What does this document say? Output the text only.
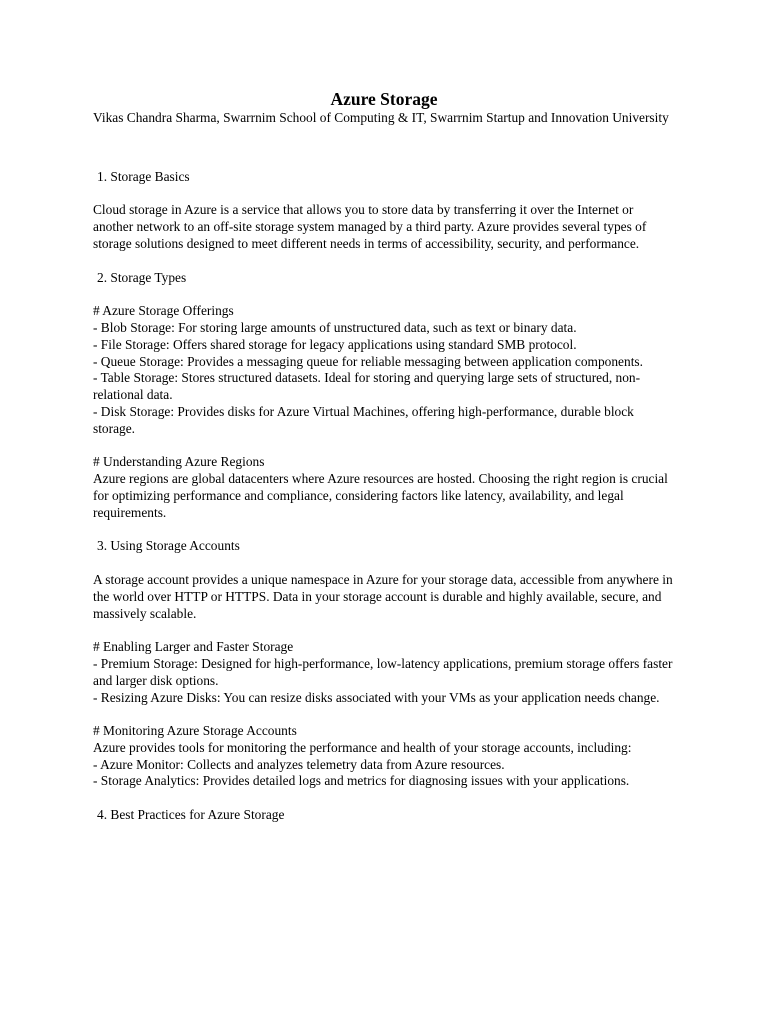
Azure Storage

Vikas Chandra Sharma, Swarrnim School of Computing & IT, Swarrnim Startup and Innovation University

1. Storage Basics

Cloud storage in Azure is a service that allows you to store data by transferring it over the Internet or another network to an off-site storage system managed by a third party. Azure provides several types of storage solutions designed to meet different needs in terms of accessibility, security, and performance.

2. Storage Types

# Azure Storage Offerings

- Blob Storage: For storing large amounts of unstructured data, such as text or binary data.

- File Storage: Offers shared storage for legacy applications using standard SMB protocol.

- Queue Storage: Provides a messaging queue for reliable messaging between application components.

- Table Storage: Stores structured datasets. Ideal for storing and querying large sets of structured, non-relational data.

- Disk Storage: Provides disks for Azure Virtual Machines, offering high-performance, durable block storage.

# Understanding Azure Regions

Azure regions are global datacenters where Azure resources are hosted. Choosing the right region is crucial for optimizing performance and compliance, considering factors like latency, availability, and legal requirements.

3. Using Storage Accounts

A storage account provides a unique namespace in Azure for your storage data, accessible from anywhere in the world over HTTP or HTTPS. Data in your storage account is durable and highly available, secure, and massively scalable.

# Enabling Larger and Faster Storage

- Premium Storage: Designed for high-performance, low-latency applications, premium storage offers faster and larger disk options.

- Resizing Azure Disks: You can resize disks associated with your VMs as your application needs change.

# Monitoring Azure Storage Accounts

Azure provides tools for monitoring the performance and health of your storage accounts, including:

- Azure Monitor: Collects and analyzes telemetry data from Azure resources.

- Storage Analytics: Provides detailed logs and metrics for diagnosing issues with your applications.

4. Best Practices for Azure Storage
